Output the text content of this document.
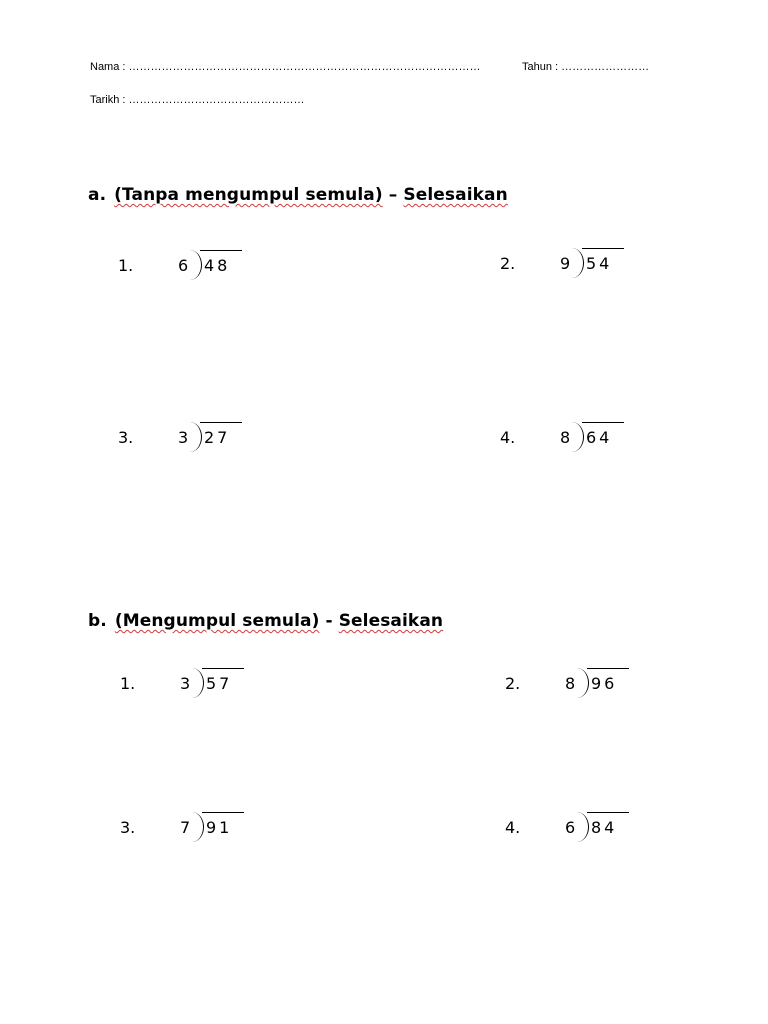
Nama : ……………………………………………………………………………………	Tahun : ……………………
Tarikh : …………………………………………
a. (Tanpa mengumpul semula) – Selesaikan
1.	6 48	2.	9 54
3.	3 27	4.	8 64
b. (Mengumpul semula) - Selesaikan
1.	3 57	2.	8 96
3.	7 91	4.	6 84
